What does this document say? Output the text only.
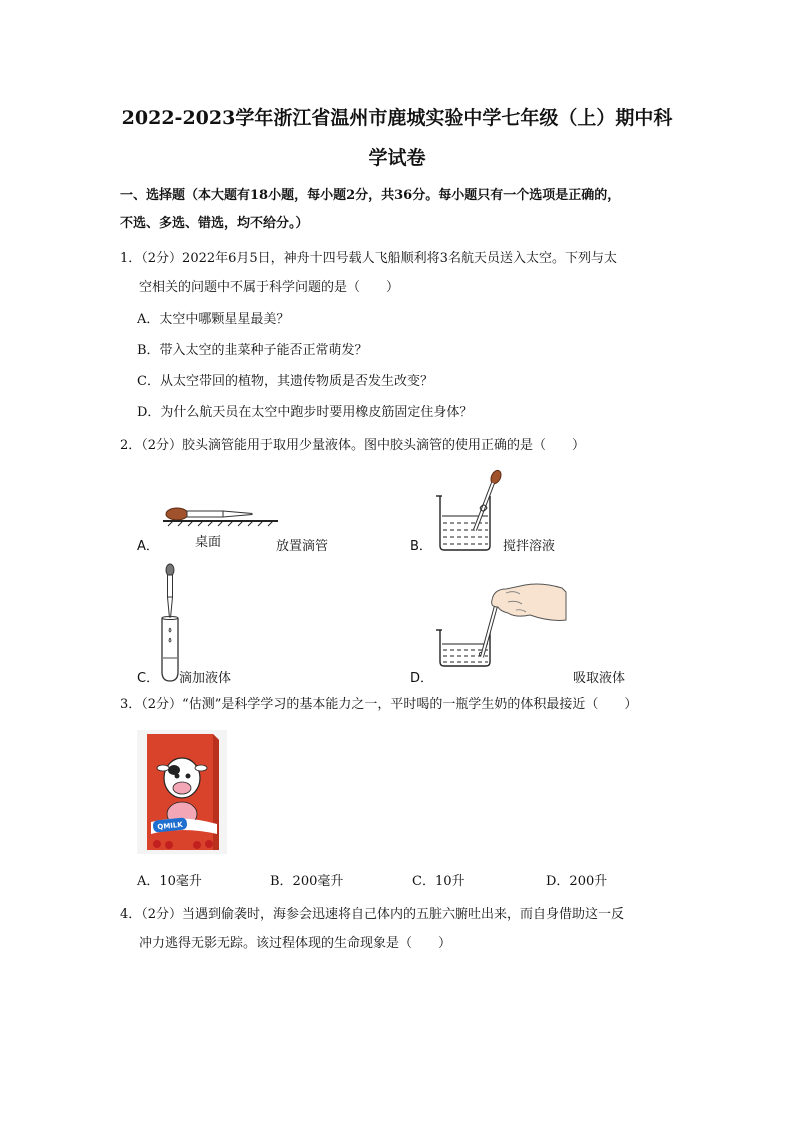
2022-2023学年浙江省温州市鹿城实验中学七年级（上）期中科
学试卷
一、选择题（本大题有18小题，每小题2分，共36分。每小题只有一个选项是正确的，
不选、多选、错选，均不给分。）
1．（2分）2022年6月5日，神舟十四号载人飞船顺利将3名航天员送入太空。下列与太
空相关的问题中不属于科学问题的是（　　）
A．太空中哪颗星星最美？
B．带入太空的韭菜种子能否正常萌发？
C．从太空带回的植物，其遗传物质是否发生改变？
D．为什么航天员在太空中跑步时要用橡皮筋固定住身体？
2．（2分）胶头滴管能用于取用少量液体。图中胶头滴管的使用正确的是（　　）
A．	桌面	放置滴管	B．	搅拌溶液
C． 滴加液体	D．	吸取液体
3．（2分）“估测”是科学学习的基本能力之一，平时喝的一瓶学生奶的体积最接近（　　）
QMILK
A．10毫升	B．200毫升	C．10升	D．200升
4．（2分）当遇到偷袭时，海参会迅速将自己体内的五脏六腑吐出来，而自身借助这一反
冲力逃得无影无踪。该过程体现的生命现象是（　　）
